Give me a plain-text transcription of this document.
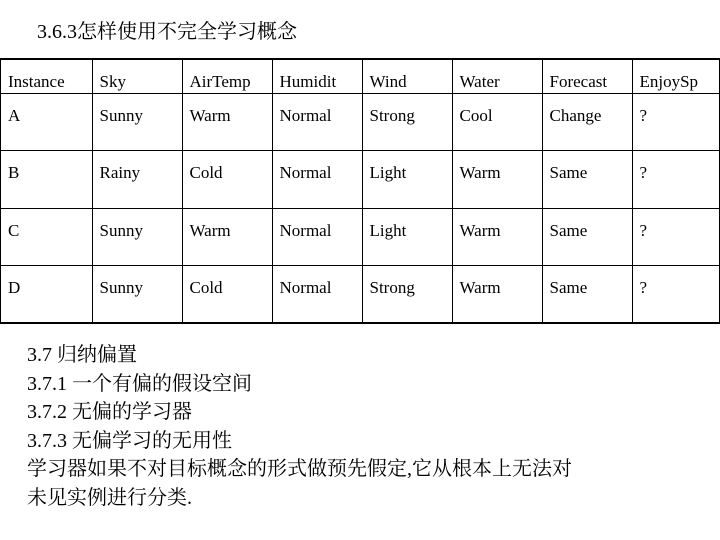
3.6.3怎样使用不完全学习概念
Instance	Sky	AirTemp	Humidit	Wind	Water	Forecast	EnjoySp
A	Sunny	Warm	Normal	Strong	Cool	Change	?
B	Rainy	Cold	Normal	Light	Warm	Same	?
C	Sunny	Warm	Normal	Light	Warm	Same	?
D	Sunny	Cold	Normal	Strong	Warm	Same	?
3.7 归纳偏置
3.7.1 一个有偏的假设空间
3.7.2 无偏的学习器
3.7.3 无偏学习的无用性
学习器如果不对目标概念的形式做预先假定,它从根本上无法对
未见实例进行分类.
